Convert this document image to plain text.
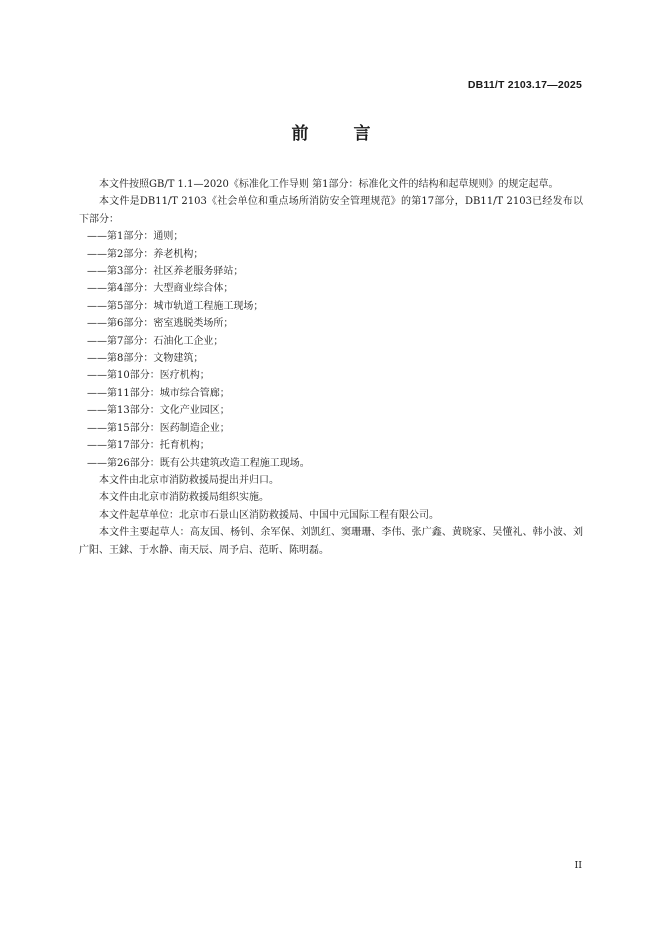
DB11/T 2103.17—2025
前　言

本文件按照GB/T 1.1—2020《标准化工作导则 第1部分：标准化文件的结构和起草规则》的规定起草。

本文件是DB11/T 2103《社会单位和重点场所消防安全管理规范》的第17部分，DB11/T 2103已经发布以下部分：

——第1部分：通则；

——第2部分：养老机构；

——第3部分：社区养老服务驿站；

——第4部分：大型商业综合体；

——第5部分：城市轨道工程施工现场；

——第6部分：密室逃脱类场所；

——第7部分：石油化工企业；

——第8部分：文物建筑；

——第10部分：医疗机构；

——第11部分：城市综合管廊；

——第13部分：文化产业园区；

——第15部分：医药制造企业；

——第17部分：托育机构；

——第26部分：既有公共建筑改造工程施工现场。

本文件由北京市消防救援局提出并归口。

本文件由北京市消防救援局组织实施。

本文件起草单位：北京市石景山区消防救援局、中国中元国际工程有限公司。

本文件主要起草人：高友国、杨钊、余军保、刘凯红、窦珊珊、李伟、张广鑫、黄晓家、吴懂礼、韩小波、刘广阳、王銶、于水静、南天辰、周予启、范昕、陈明磊。

II
